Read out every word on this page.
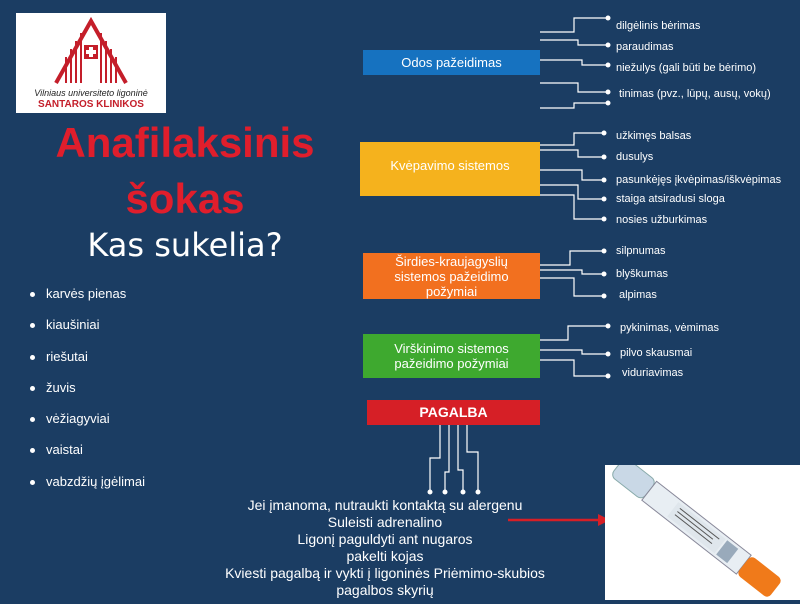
Vilniaus universiteto ligoninė
SANTAROS KLINIKOS
Anafilaksinis
šokas
Kas sukelia?
karvės pienas
kiaušiniai
riešutai
žuvis
vėžiagyviai
vaistai
vabzdžių įgėlimai
Odos pažeidimas
Kvėpavimo sistemos
Širdies-kraujagyslių sistemos pažeidimo požymiai
Virškinimo sistemos pažeidimo požymiai
PAGALBA
dilgėlinis bėrimas
paraudimas
niežulys (gali būti be bėrimo)
tinimas (pvz., lūpų, ausų, vokų)
užkimęs balsas
dusulys
pasunkėjęs įkvėpimas/iškvėpimas
staiga atsiradusi sloga
nosies užburkimas
silpnumas
blyškumas
alpimas
pykinimas, vėmimas
pilvo skausmai
viduriavimas
Jei įmanoma, nutraukti kontaktą su alergenu
Suleisti adrenalino
Ligonį paguldyti ant nugaros
pakelti kojas
Kviesti pagalbą ir vykti į ligoninės Priėmimo-skubios
pagalbos skyrių
